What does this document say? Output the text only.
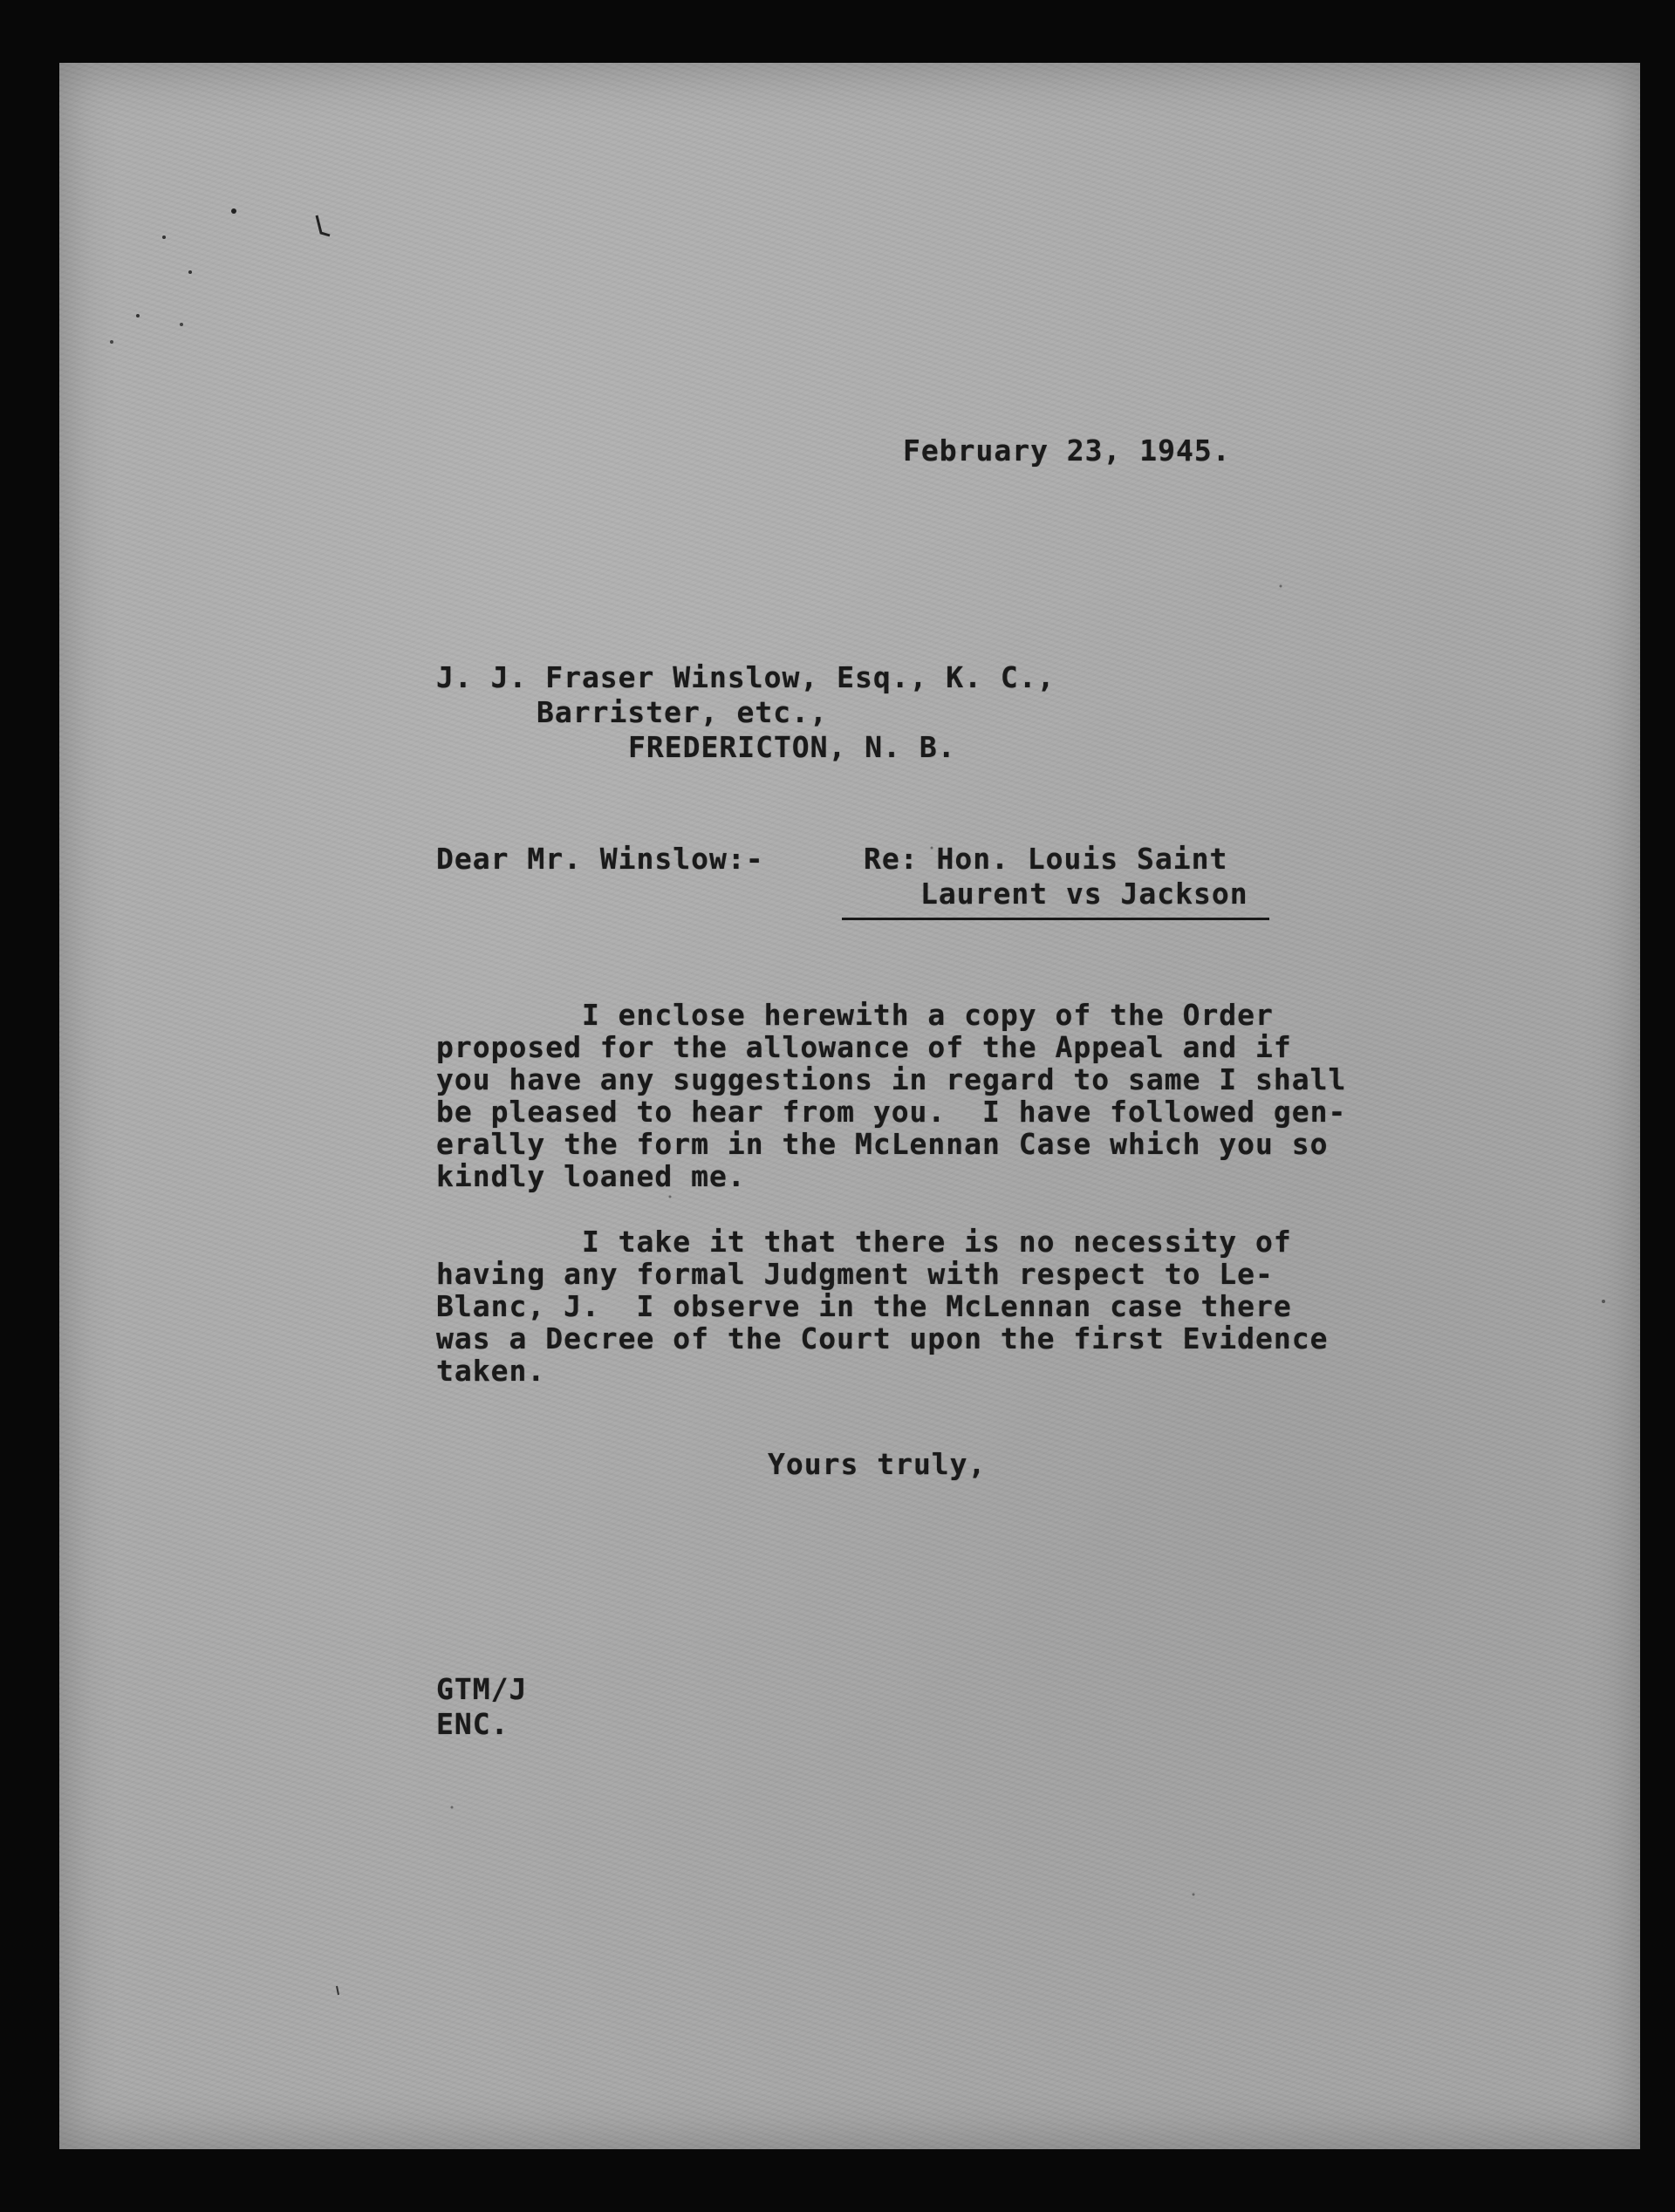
February 23, 1945.
J. J. Fraser Winslow, Esq., K. C.,
Barrister, etc.,
FREDERICTON, N. B.
Dear Mr. Winslow:-	Re: Hon. Louis Saint
Laurent vs Jackson
I enclose herewith a copy of the Order
proposed for the allowance of the Appeal and if
you have any suggestions in regard to same I shall
be pleased to hear from you.  I have followed gen-
erally the form in the McLennan Case which you so
kindly loaned me.
I take it that there is no necessity of
having any formal Judgment with respect to Le-
Blanc, J.  I observe in the McLennan case there
was a Decree of the Court upon the first Evidence
taken.
Yours truly,
GTM/J
ENC.
